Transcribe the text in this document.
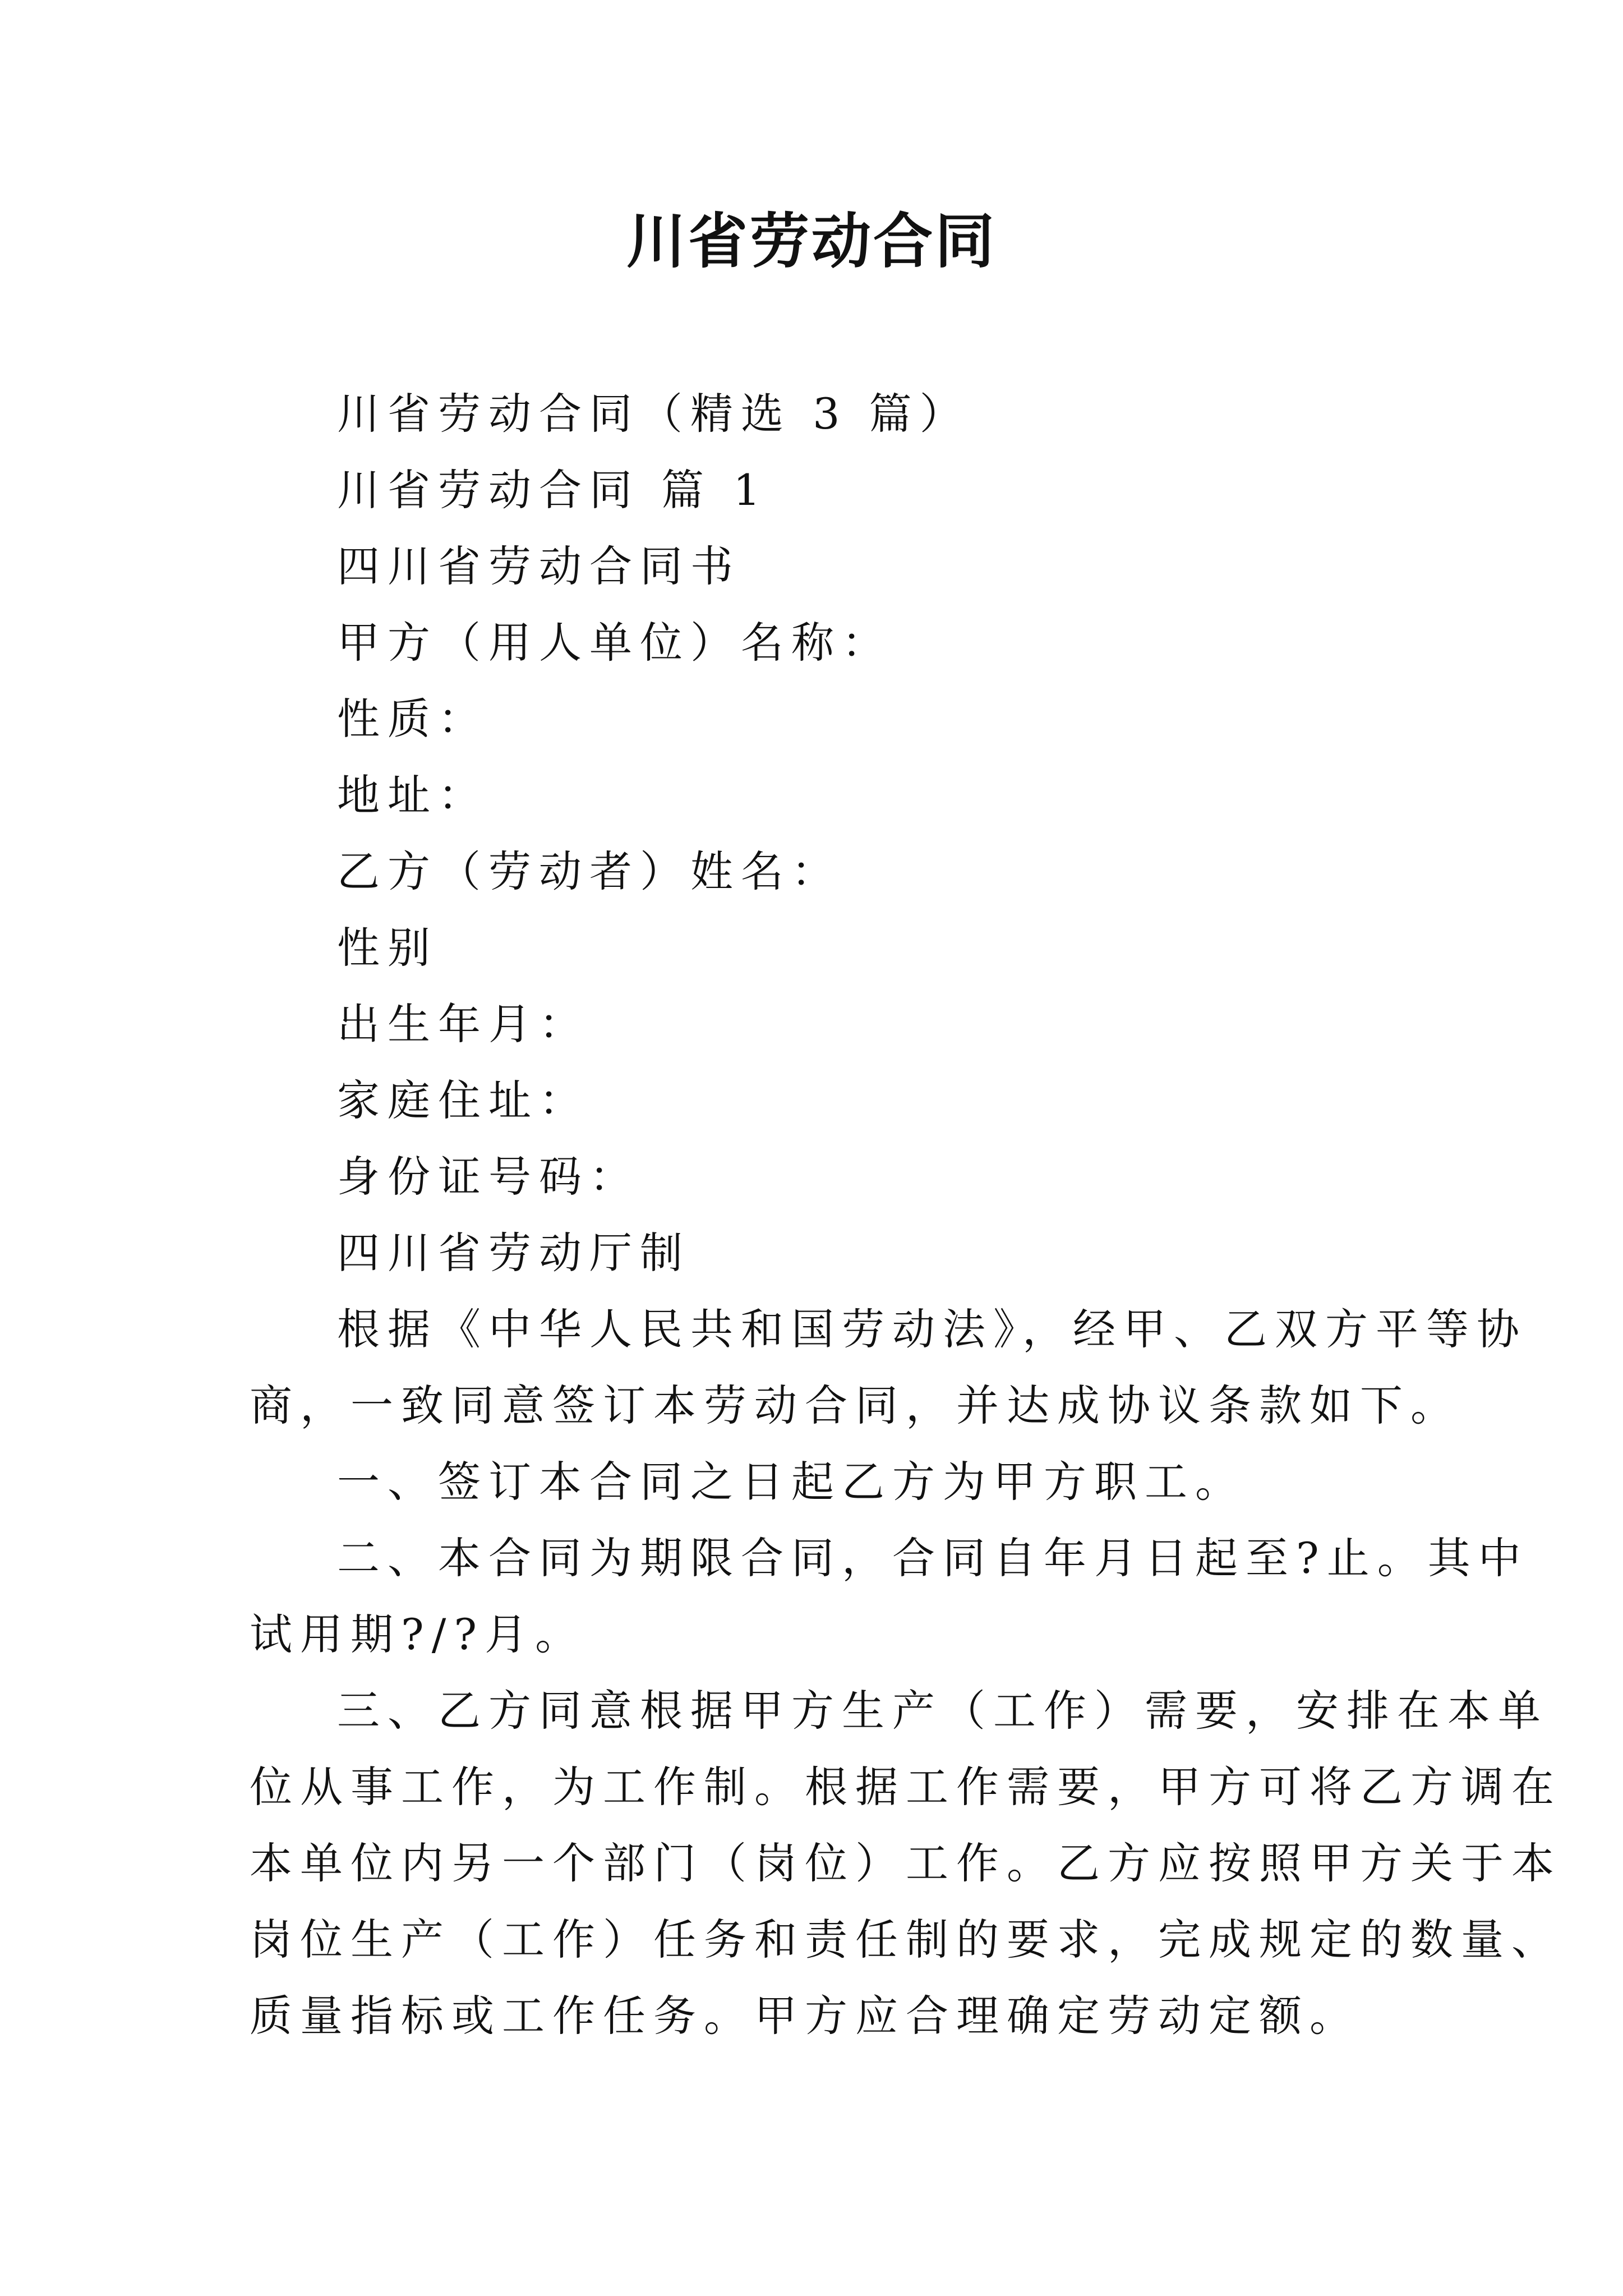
川省劳动合同
川省劳动合同（精选 3 篇）
川省劳动合同 篇 1
四川省劳动合同书
甲方（用人单位）名称：
性质：
地址：
乙方（劳动者）姓名：
性别
出生年月：
家庭住址：
身份证号码：
四川省劳动厅制
根据《中华人民共和国劳动法》，经甲、乙双方平等协
商，一致同意签订本劳动合同，并达成协议条款如下。
一、签订本合同之日起乙方为甲方职工。
二、本合同为期限合同，合同自年月日起至?止。其中
试用期?/?月。
三、乙方同意根据甲方生产（工作）需要，安排在本单
位从事工作，为工作制。根据工作需要，甲方可将乙方调在
本单位内另一个部门（岗位）工作。乙方应按照甲方关于本
岗位生产（工作）任务和责任制的要求，完成规定的数量、
质量指标或工作任务。甲方应合理确定劳动定额。
